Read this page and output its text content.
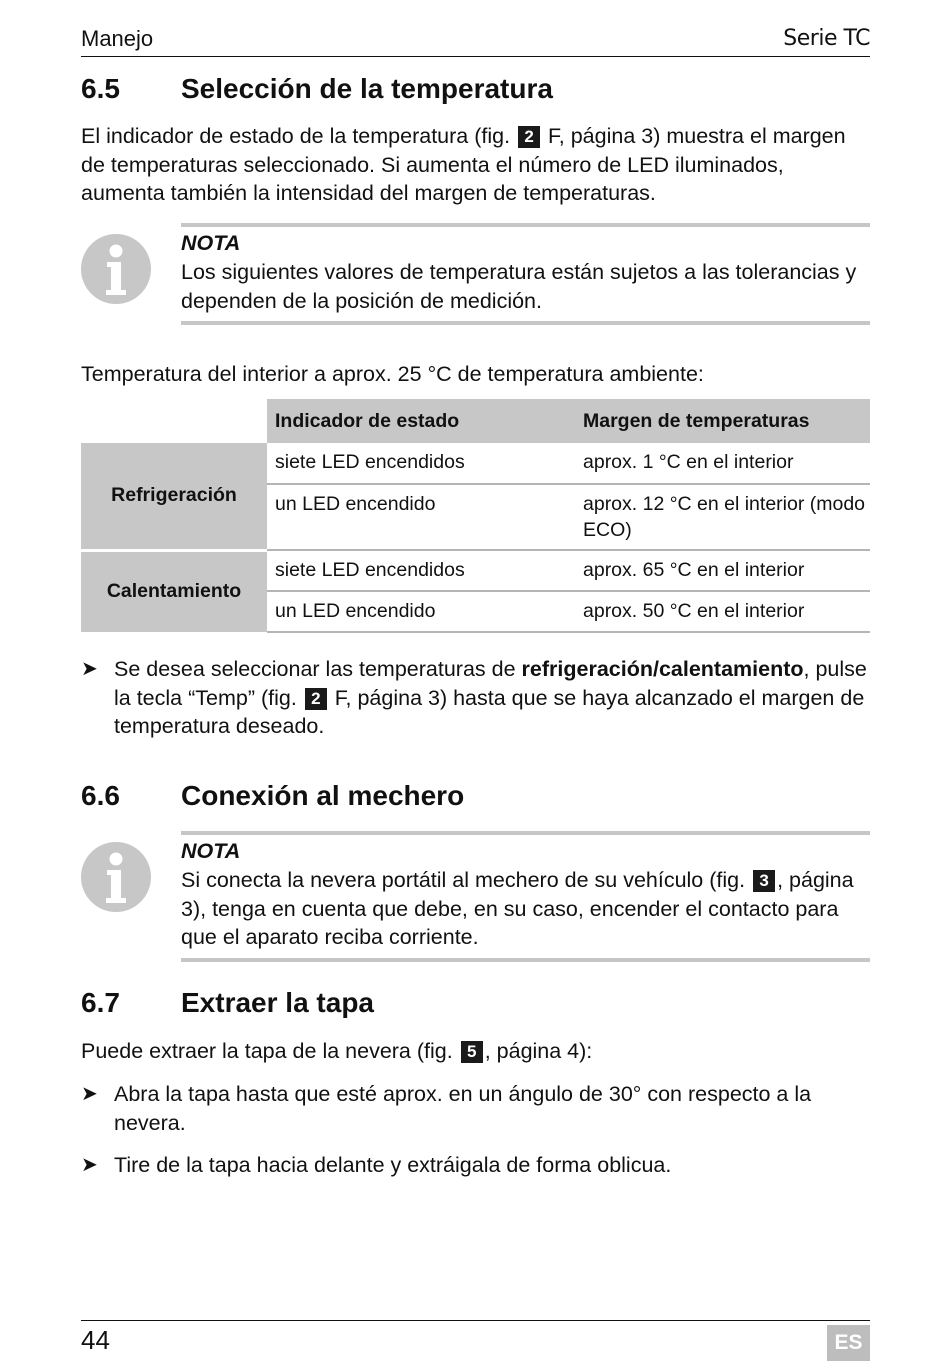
Manejo	Serie TC
6.5 Selección de la temperatura
El indicador de estado de la temperatura (fig. 2 F, página 3) muestra el margen de temperaturas seleccionado. Si aumenta el número de LED iluminados, aumenta también la intensidad del margen de temperaturas.
NOTA
Los siguientes valores de temperatura están sujetos a las tolerancias y dependen de la posición de medición.
Temperatura del interior a aprox. 25 °C de temperatura ambiente:
	Indicador de estado	Margen de temperaturas
Refrigeración	siete LED encendidos	aprox. 1 °C en el interior
	un LED encendido	aprox. 12 °C en el interior (modo ECO)
Calentamiento	siete LED encendidos	aprox. 65 °C en el interior
	un LED encendido	aprox. 50 °C en el interior
➤ Se desea seleccionar las temperaturas de refrigeración/calentamiento, pulse la tecla “Temp” (fig. 2 F, página 3) hasta que se haya alcanzado el margen de temperatura deseado.
6.6 Conexión al mechero
NOTA
Si conecta la nevera portátil al mechero de su vehículo (fig. 3 , página 3), tenga en cuenta que debe, en su caso, encender el contacto para que el aparato reciba corriente.
6.7 Extraer la tapa
Puede extraer la tapa de la nevera (fig. 5 , página 4):
➤ Abra la tapa hasta que esté aprox. en un ángulo de 30° con respecto a la nevera.
➤ Tire de la tapa hacia delante y extráigala de forma oblicua.
44	ES
